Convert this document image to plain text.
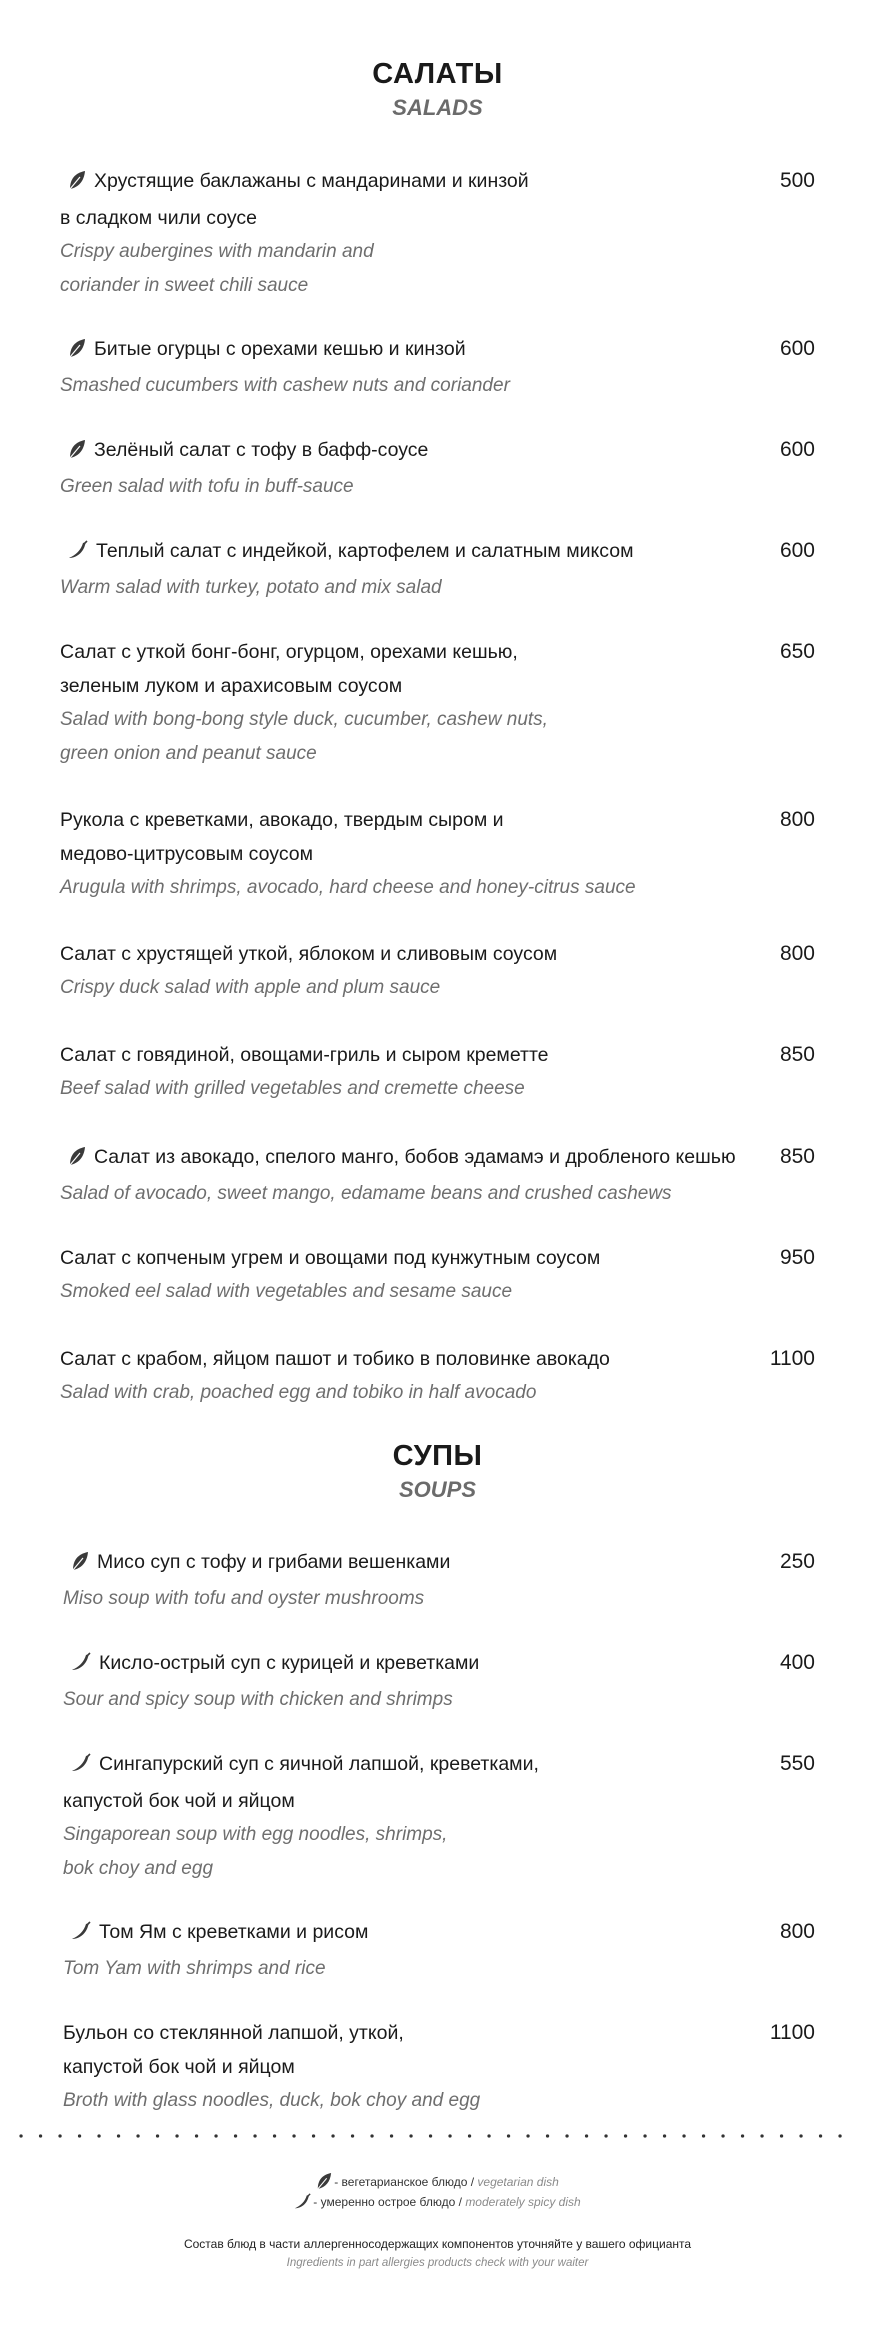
САЛАТЫ
SALADS
Хрустящие баклажаны с мандаринами и кинзой
в сладком чили соусе
Crispy aubergines with mandarin and
coriander in sweet chili sauce
500
Битые огурцы с орехами кешью и кинзой
Smashed cucumbers with cashew nuts and coriander
600
Зелёный салат с тофу в бафф-соусе
Green salad with tofu in buff-sauce
600
Теплый салат с индейкой, картофелем и салатным миксом
Warm salad with turkey, potato and mix salad
600
Салат с уткой бонг-бонг, огурцом, орехами кешью,
зеленым луком и арахисовым соусом
Salad with bong-bong style duck, cucumber, cashew nuts,
green onion and peanut sauce
650
Рукола с креветками, авокадо, твердым сыром и
медово-цитрусовым соусом
Arugula with shrimps, avocado, hard cheese and honey-citrus sauce
800
Салат с хрустящей уткой, яблоком и сливовым соусом
Crispy duck salad with apple and plum sauce
800
Салат с говядиной, овощами-гриль и сыром креметте
Beef salad with grilled vegetables and cremette cheese
850
Салат из авокадо, спелого манго, бобов эдамамэ и дробленого кешью
Salad of avocado, sweet mango, edamame beans and crushed cashews
850
Салат с копченым угрем и овощами под кунжутным соусом
Smoked eel salad with vegetables and sesame sauce
950
Салат с крабом, яйцом пашот и тобико в половинке авокадо
Salad with crab, poached egg and tobiko in half avocado
1100
СУПЫ
SOUPS
Мисо суп с тофу и грибами вешенками
Miso soup with tofu and oyster mushrooms
250
Кисло-острый суп с курицей и креветками
Sour and spicy soup with chicken and shrimps
400
Сингапурский суп с яичной лапшой, креветками,
капустой бок чой и яйцом
Singaporean soup with egg noodles, shrimps,
bok choy and egg
550
Том Ям с креветками и рисом
Tom Yam with shrimps and rice
800
Бульон со стеклянной лапшой, уткой,
капустой бок чой и яйцом
Broth with glass noodles, duck, bok choy and egg
1100
- вегетарианское блюдо / vegetarian dish
- умеренно острое блюдо / moderately spicy dish
Состав блюд в части аллергенносодержащих компонентов уточняйте у вашего официанта
Ingredients in part allergies products check with your waiter
